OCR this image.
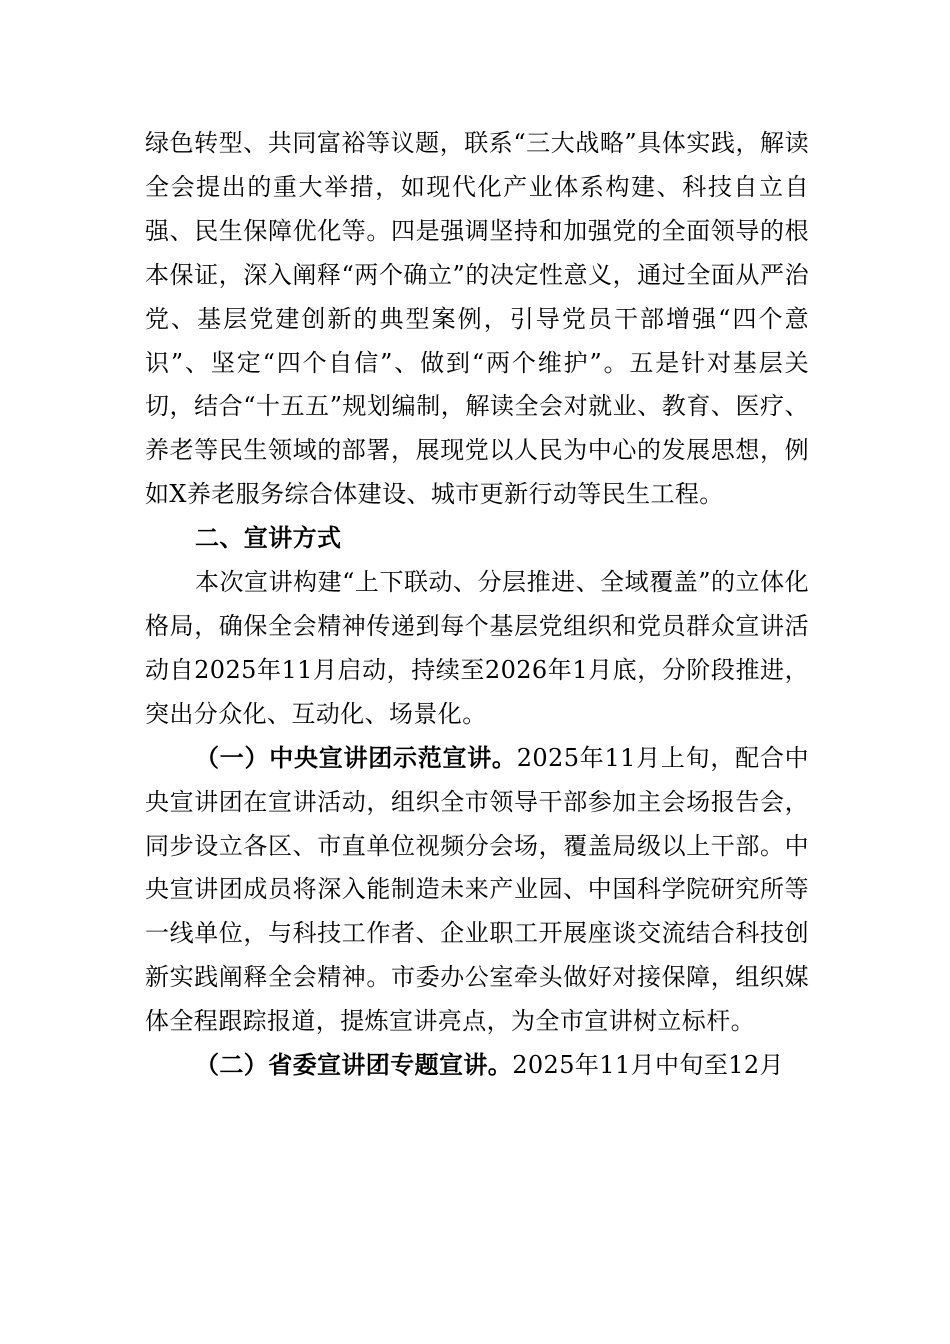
绿色转型、共同富裕等议题，联系“三大战略”具体实践，解读全会提出的重大举措，如现代化产业体系构建、科技自立自强、民生保障优化等。四是强调坚持和加强党的全面领导的根本保证，深入阐释“两个确立”的决定性意义，通过全面从严治党、基层党建创新的典型案例，引导党员干部增强“四个意识”、坚定“四个自信”、做到“两个维护”。五是针对基层关切，结合“十五五”规划编制，解读全会对就业、教育、医疗、养老等民生领域的部署，展现党以人民为中心的发展思想，例如X养老服务综合体建设、城市更新行动等民生工程。

二、宣讲方式

本次宣讲构建“上下联动、分层推进、全域覆盖”的立体化格局，确保全会精神传递到每个基层党组织和党员群众宣讲活动自2025年11月启动，持续至2026年1月底，分阶段推进，突出分众化、互动化、场景化。

（一）中央宣讲团示范宣讲。2025年11月上旬，配合中央宣讲团在宣讲活动，组织全市领导干部参加主会场报告会，同步设立各区、市直单位视频分会场，覆盖局级以上干部。中央宣讲团成员将深入能制造未来产业园、中国科学院研究所等一线单位，与科技工作者、企业职工开展座谈交流结合科技创新实践阐释全会精神。市委办公室牵头做好对接保障，组织媒体全程跟踪报道，提炼宣讲亮点，为全市宣讲树立标杆。

（二）省委宣讲团专题宣讲。2025年11月中旬至12月
